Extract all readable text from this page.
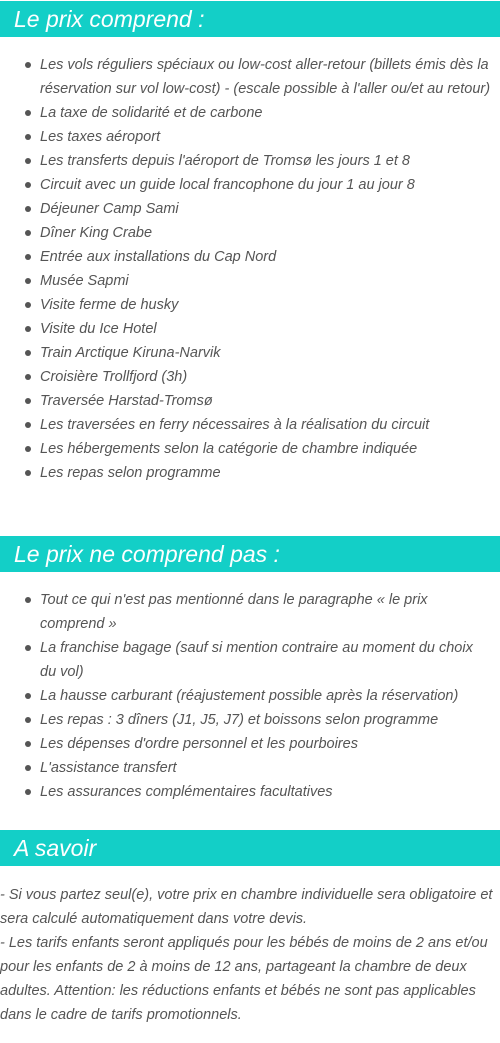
Le prix comprend :
Les vols réguliers spéciaux ou low-cost aller-retour (billets émis dès la réservation sur vol low-cost) - (escale possible à l'aller ou/et au retour)
La taxe de solidarité et de carbone
Les taxes aéroport
Les transferts depuis l'aéroport de Tromsø les jours 1 et 8
Circuit avec un guide local francophone du jour 1 au jour 8
Déjeuner Camp Sami
Dîner King Crabe
Entrée aux installations du Cap Nord
Musée Sapmi
Visite ferme de husky
Visite du Ice Hotel
Train Arctique Kiruna-Narvik
Croisière Trollfjord (3h)
Traversée Harstad-Tromsø
Les traversées en ferry nécessaires à la réalisation du circuit
Les hébergements selon la catégorie de chambre indiquée
Les repas selon programme
Le prix ne comprend pas :
Tout ce qui n'est pas mentionné dans le paragraphe « le prix comprend »
La franchise bagage (sauf si mention contraire au moment du choix du vol)
La hausse carburant (réajustement possible après la réservation)
Les repas : 3 dîners (J1, J5, J7) et boissons selon programme
Les dépenses d'ordre personnel et les pourboires
L'assistance transfert
Les assurances complémentaires facultatives
A savoir

- Si vous partez seul(e), votre prix en chambre individuelle sera obligatoire et sera calculé automatiquement dans votre devis.

- Les tarifs enfants seront appliqués pour les bébés de moins de 2 ans et/ou pour les enfants de 2 à moins de 12 ans, partageant la chambre de deux adultes. Attention: les réductions enfants et bébés ne sont pas applicables dans le cadre de tarifs promotionnels.
